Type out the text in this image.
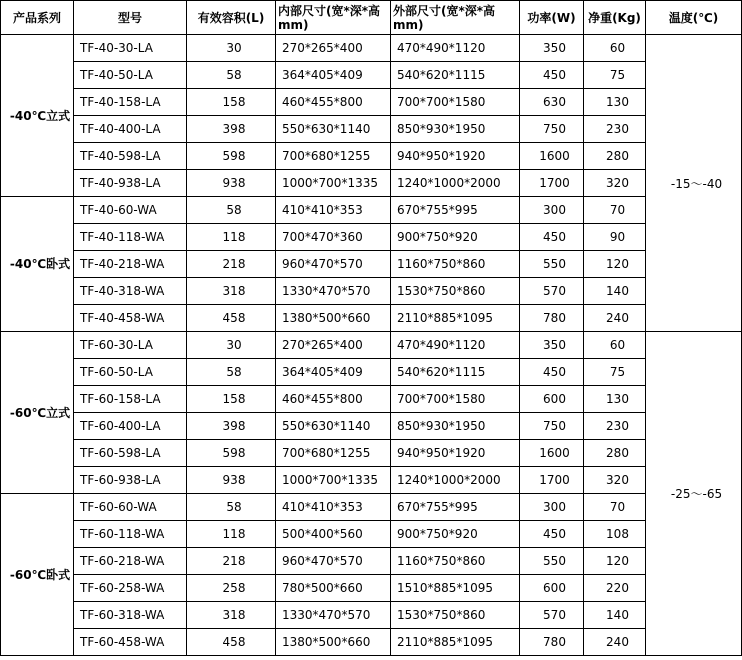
产品系列	型号	有效容积(L)	内部尺寸(宽*深*高　mm)	外部尺寸(宽*深*高　mm)	功率(W)	净重(Kg)	温度(℃)
-40℃立式	TF-40-30-LA	30	270*265*400	470*490*1120	350	60	-15～-40
	TF-40-50-LA	58	364*405*409	540*620*1115	450	75	
	TF-40-158-LA	158	460*455*800	700*700*1580	630	130	
	TF-40-400-LA	398	550*630*1140	850*930*1950	750	230	
	TF-40-598-LA	598	700*680*1255	940*950*1920	1600	280	
	TF-40-938-LA	938	1000*700*1335	1240*1000*2000	1700	320	
-40℃卧式	TF-40-60-WA	58	410*410*353	670*755*995	300	70	
	TF-40-118-WA	118	700*470*360	900*750*920	450	90	
	TF-40-218-WA	218	960*470*570	1160*750*860	550	120	
	TF-40-318-WA	318	1330*470*570	1530*750*860	570	140	
	TF-40-458-WA	458	1380*500*660	2110*885*1095	780	240	
-60℃立式	TF-60-30-LA	30	270*265*400	470*490*1120	350	60	-25～-65
	TF-60-50-LA	58	364*405*409	540*620*1115	450	75	
	TF-60-158-LA	158	460*455*800	700*700*1580	600	130	
	TF-60-400-LA	398	550*630*1140	850*930*1950	750	230	
	TF-60-598-LA	598	700*680*1255	940*950*1920	1600	280	
	TF-60-938-LA	938	1000*700*1335	1240*1000*2000	1700	320	
-60℃卧式	TF-60-60-WA	58	410*410*353	670*755*995	300	70	
	TF-60-118-WA	118	500*400*560	900*750*920	450	108	
	TF-60-218-WA	218	960*470*570	1160*750*860	550	120	
	TF-60-258-WA	258	780*500*660	1510*885*1095	600	220	
	TF-60-318-WA	318	1330*470*570	1530*750*860	570	140	
	TF-60-458-WA	458	1380*500*660	2110*885*1095	780	240	
